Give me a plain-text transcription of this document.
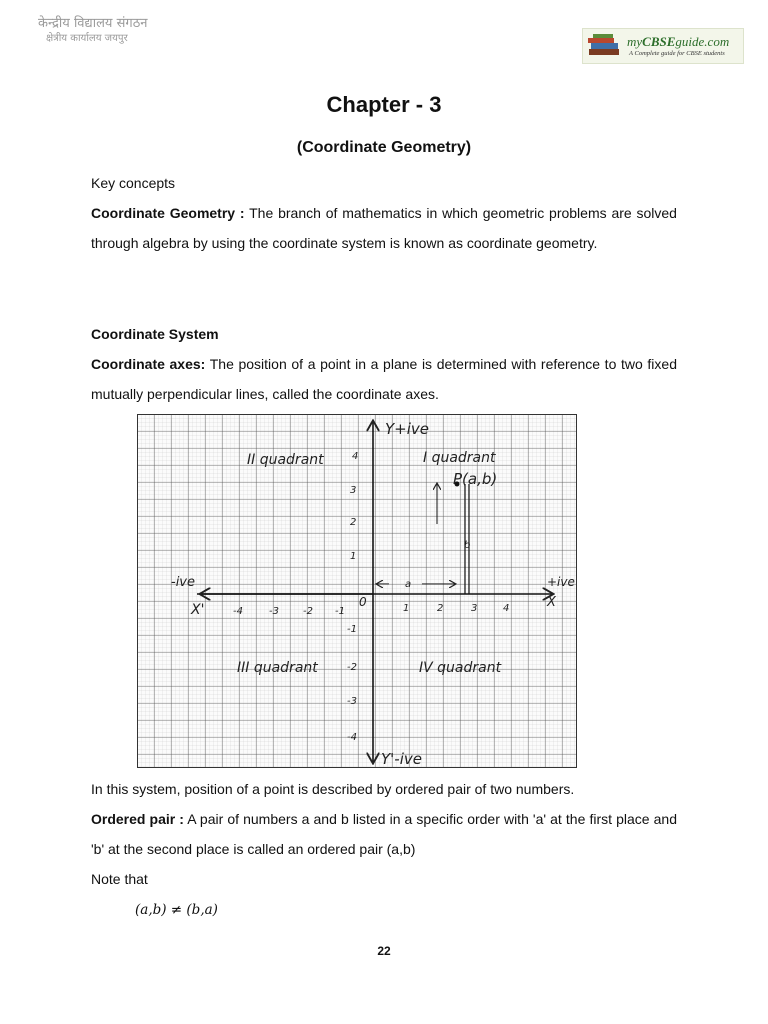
केन्द्रीय विद्यालय संगठन
क्षेत्रीय कार्यालय जयपुर	myCBSEguide.com
A Complete guide for CBSE students
Chapter - 3
(Coordinate Geometry)

Key concepts

Coordinate Geometry : The branch of mathematics in which geometric problems are solved through algebra by using the coordinate system is known as coordinate geometry.

Coordinate System

Coordinate axes: The position of a point in a plane is determined with reference to two fixed mutually perpendicular lines, called the coordinate axes.

Y+ive
Y'-ive
X
+ive
X'
-ive
0
I quadrant
II quadrant
III quadrant	IV quadrant
P(a,b)
a
b
-4	-3 -2 -1	1	2	3	4
1
2
3
4
-1
-2
-3
-4

In this system, position of a point is described by ordered pair of two numbers.

Ordered pair : A pair of numbers a and b listed in a specific order with 'a' at the first place and 'b' at the second place is called an ordered pair (a,b)

Note that

(a,b) ≠ (b,a)
22
